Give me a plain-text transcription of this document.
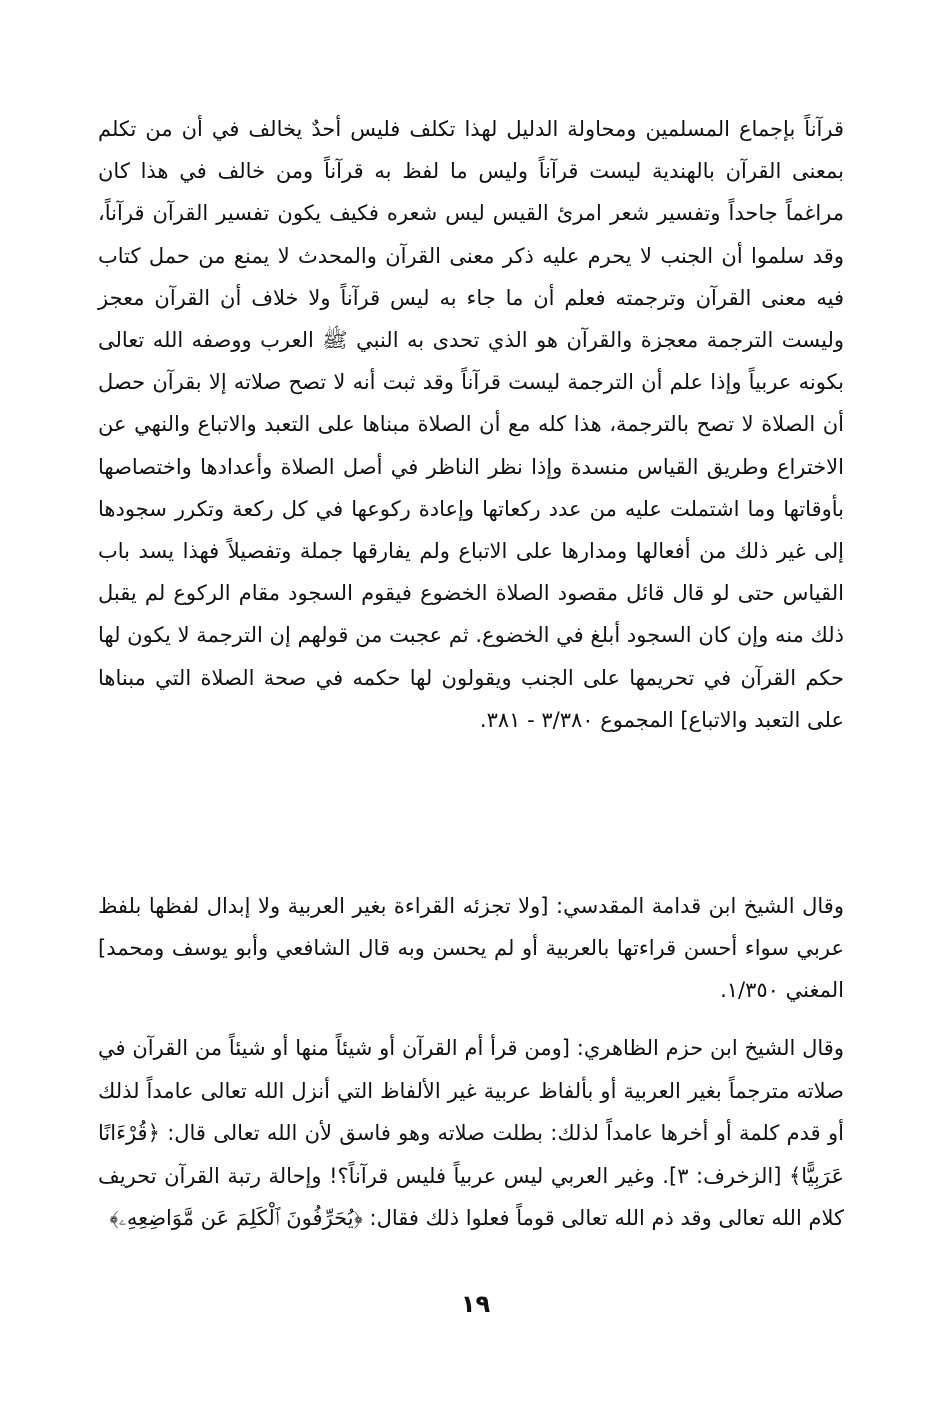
قرآناً بإجماع المسلمين ومحاولة الدليل لهذا تكلف فليس أحدٌ يخالف في أن من تكلم بمعنى القرآن بالهندية ليست قرآناً وليس ما لفظ به قرآناً ومن خالف في هذا كان مراغماً جاحداً وتفسير شعر امرئ القيس ليس شعره فكيف يكون تفسير القرآن قرآناً، وقد سلموا أن الجنب لا يحرم عليه ذكر معنى القرآن والمحدث لا يمنع من حمل كتاب فيه معنى القرآن وترجمته فعلم أن ما جاء به ليس قرآناً ولا خلاف أن القرآن معجز وليست الترجمة معجزة والقرآن هو الذي تحدى به النبي ﷺ العرب ووصفه الله تعالى بكونه عربياً وإذا علم أن الترجمة ليست قرآناً وقد ثبت أنه لا تصح صلاته إلا بقرآن حصل أن الصلاة لا تصح بالترجمة، هذا كله مع أن الصلاة مبناها على التعبد والاتباع والنهي عن الاختراع وطريق القياس منسدة وإذا نظر الناظر في أصل الصلاة وأعدادها واختصاصها بأوقاتها وما اشتملت عليه من عدد ركعاتها وإعادة ركوعها في كل ركعة وتكرر سجودها إلى غير ذلك من أفعالها ومدارها على الاتباع ولم يفارقها جملة وتفصيلاً فهذا يسد باب القياس حتى لو قال قائل مقصود الصلاة الخضوع فيقوم السجود مقام الركوع لم يقبل ذلك منه وإن كان السجود أبلغ في الخضوع. ثم عجبت من قولهم إن الترجمة لا يكون لها حكم القرآن في تحريمها على الجنب ويقولون لها حكمه في صحة الصلاة التي مبناها على التعبد والاتباع] المجموع ٣/٣٨٠ - ٣٨١.

وقال الشيخ ابن قدامة المقدسي: [ولا تجزئه القراءة بغير العربية ولا إبدال لفظها بلفظ عربي سواء أحسن قراءتها بالعربية أو لم يحسن وبه قال الشافعي وأبو يوسف ومحمد] المغني ١/٣٥٠.

وقال الشيخ ابن حزم الظاهري: [ومن قرأ أم القرآن أو شيئاً منها أو شيئاً من القرآن في صلاته مترجماً بغير العربية أو بألفاظ عربية غير الألفاظ التي أنزل الله تعالى عامداً لذلك أو قدم كلمة أو أخرها عامداً لذلك: بطلت صلاته وهو فاسق لأن الله تعالى قال: ﴿قُرْءَانًا عَرَبِيًّا﴾ [الزخرف: ٣]. وغير العربي ليس عربياً فليس قرآناً؟! وإحالة رتبة القرآن تحريف كلام الله تعالى وقد ذم الله تعالى قوماً فعلوا ذلك فقال: ﴿يُحَرِّفُونَ ٱلْكَلِمَ عَن مَّوَاضِعِهِۦ﴾

١٩
